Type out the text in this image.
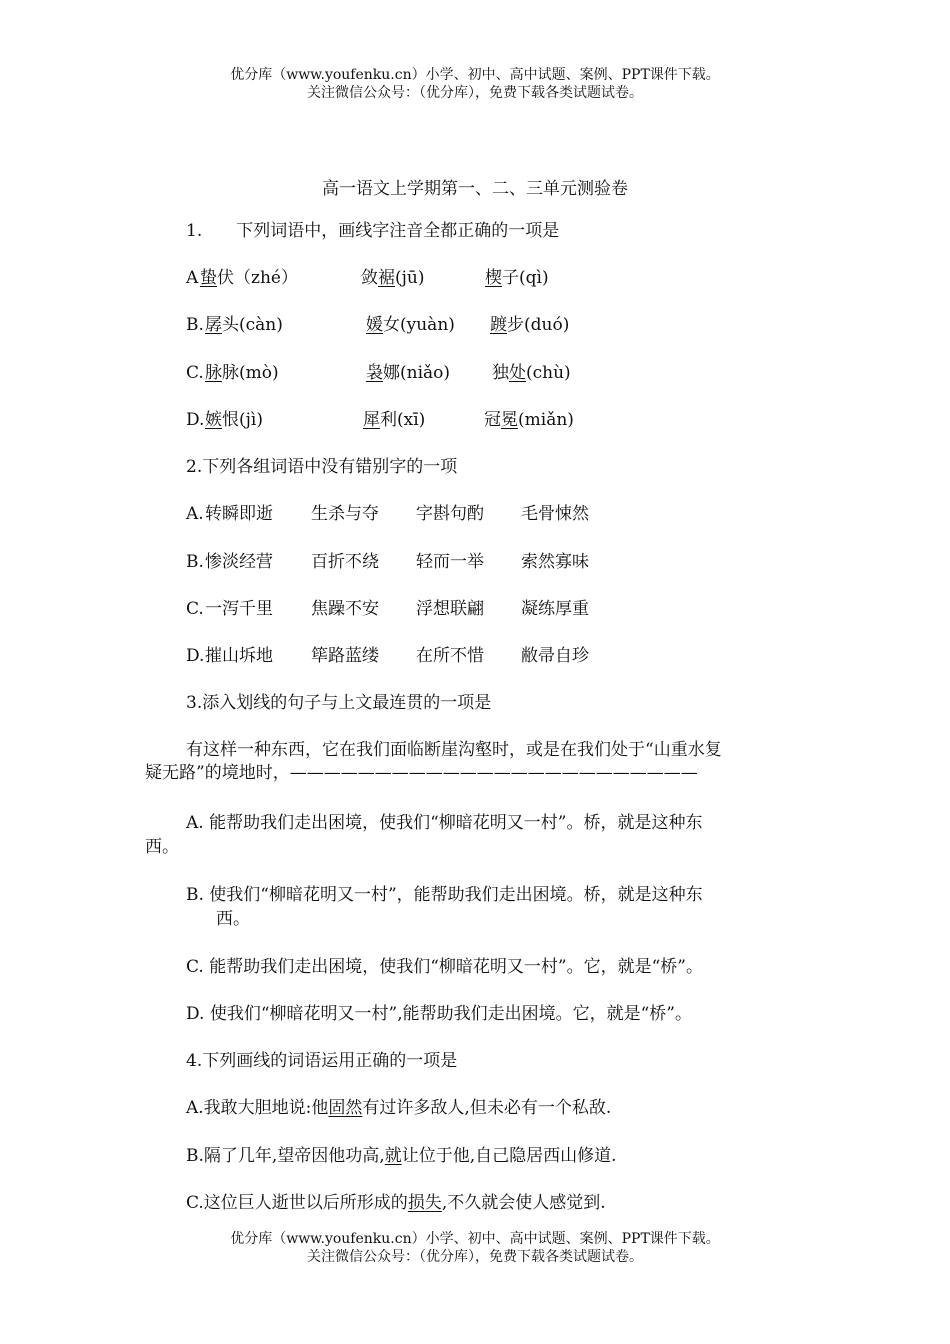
优分库（www.youfenku.cn）小学、初中、高中试题、案例、PPT课件下载。
关注微信公众号：（优分库），免费下载各类试题试卷。
高一语文上学期第一、二、三单元测验卷
1.　　下列词语中，画线字注音全都正确的一项是
A 蛰伏（zhé）	敛裾(jū)	楔子(qì)
B. 孱头(càn)	媛女(yuàn) 踱步(duó)
C. 脉脉(mò)	袅娜(niǎo) 独处(chù)
D. 嫉恨(jì)	犀利(xī)	冠冕(miǎn)
2.下列各组词语中没有错别字的一项
A. 转瞬即逝 生杀与夺 字斟句酌 毛骨悚然
B. 惨淡经营 百折不绕 轻而一举 索然寡味
C. 一泻千里 焦躁不安 浮想联翩 凝练厚重
D. 摧山坼地 筚路蓝缕 在所不惜 敝帚自珍
3.添入划线的句子与上文最连贯的一项是
有这样一种东西，它在我们面临断崖沟壑时，或是在我们处于“山重水复
疑无路”的境地时，————————————————————————
A. 能帮助我们走出困境，使我们“柳暗花明又一村”。桥，就是这种东
西。
B. 使我们“柳暗花明又一村”，能帮助我们走出困境。桥，就是这种东
西。
C. 能帮助我们走出困境，使我们“柳暗花明又一村”。它，就是“桥”。
D. 使我们“柳暗花明又一村”,能帮助我们走出困境。它，就是“桥”。
4.下列画线的词语运用正确的一项是
A.我敢大胆地说:他固然有过许多敌人,但未必有一个私敌.
B.隔了几年,望帝因他功高,就让位于他,自己隐居西山修道.
C.这位巨人逝世以后所形成的损失,不久就会使人感觉到.
优分库（www.youfenku.cn）小学、初中、高中试题、案例、PPT课件下载。
关注微信公众号：（优分库），免费下载各类试题试卷。
